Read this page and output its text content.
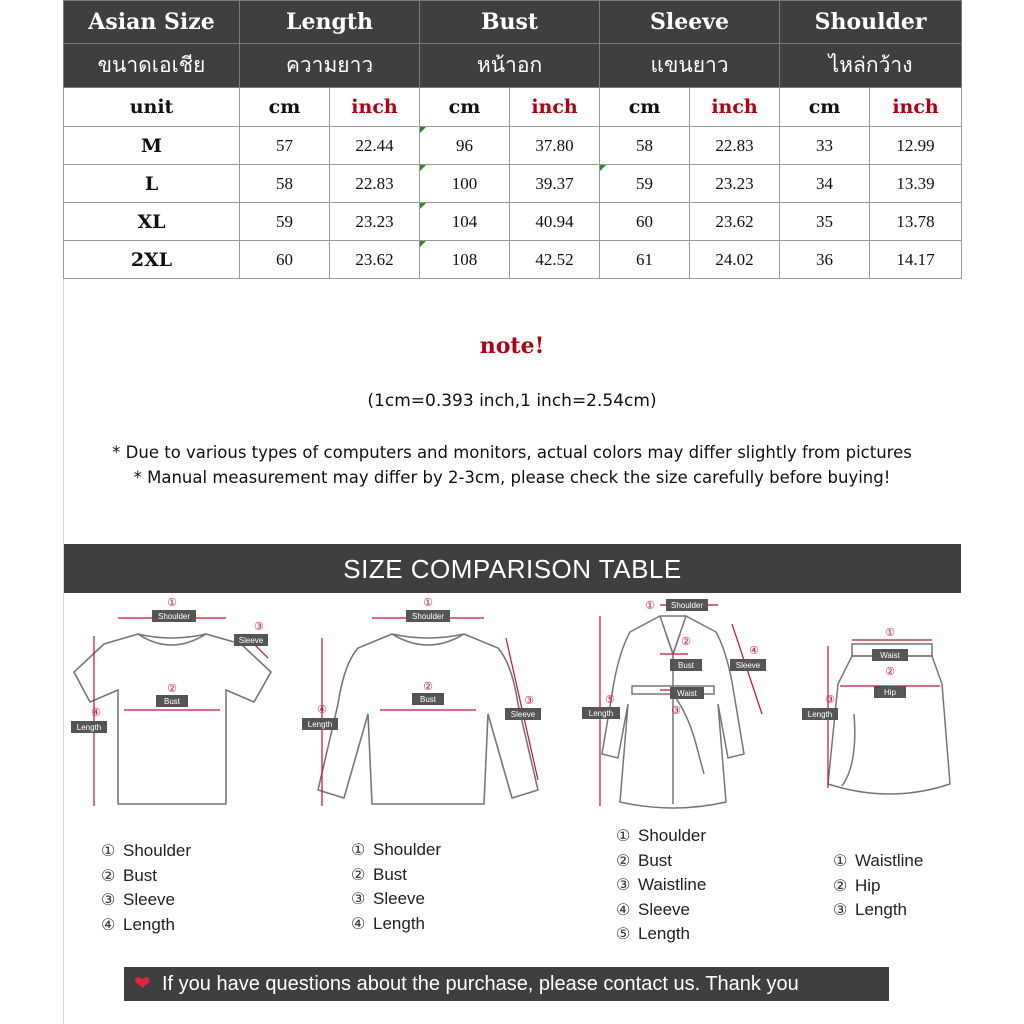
Asian Size	Length		Bust		Sleeve		Shoulder	
ขนาดเอเชีย	ความยาว		หน้าอก		แขนยาว		ไหล่กว้าง	
unit	cm	inch	cm	inch	cm	inch	cm	inch
M	57	22.44	96	37.80	58	22.83	33	12.99
L	58	22.83	100	39.37	59	23.23	34	13.39
XL	59	23.23	104	40.94	60	23.62	35	13.78
2XL	60	23.62	108	42.52	61	24.02	36	14.17
note!
(1cm=0.393 inch,1 inch=2.54cm)
* Due to various types of computers and monitors, actual colors may differ slightly from pictures
* Manual measurement may differ by 2-3cm, please check the size carefully before buying!
SIZE COMPARISON TABLE
①
Shoulder
③
Sleeve
②
Bust
④
Length
①
Shoulder
②
Bust	③
Sleeve
④
Length
① Shoulder
②
Bust
Waist
③
④
Sleeve
⑤
Length
①
Waist
②
Hip
③
Length
① Shoulder
② Bust
③ Sleeve
④ Length
① Shoulder
② Bust
③ Sleeve
④ Length
① Shoulder
② Bust
③ Waistline
④ Sleeve
⑤ Length
① Waistline
② Hip
③ Length
❤ If you have questions about the purchase, please contact us. Thank you
